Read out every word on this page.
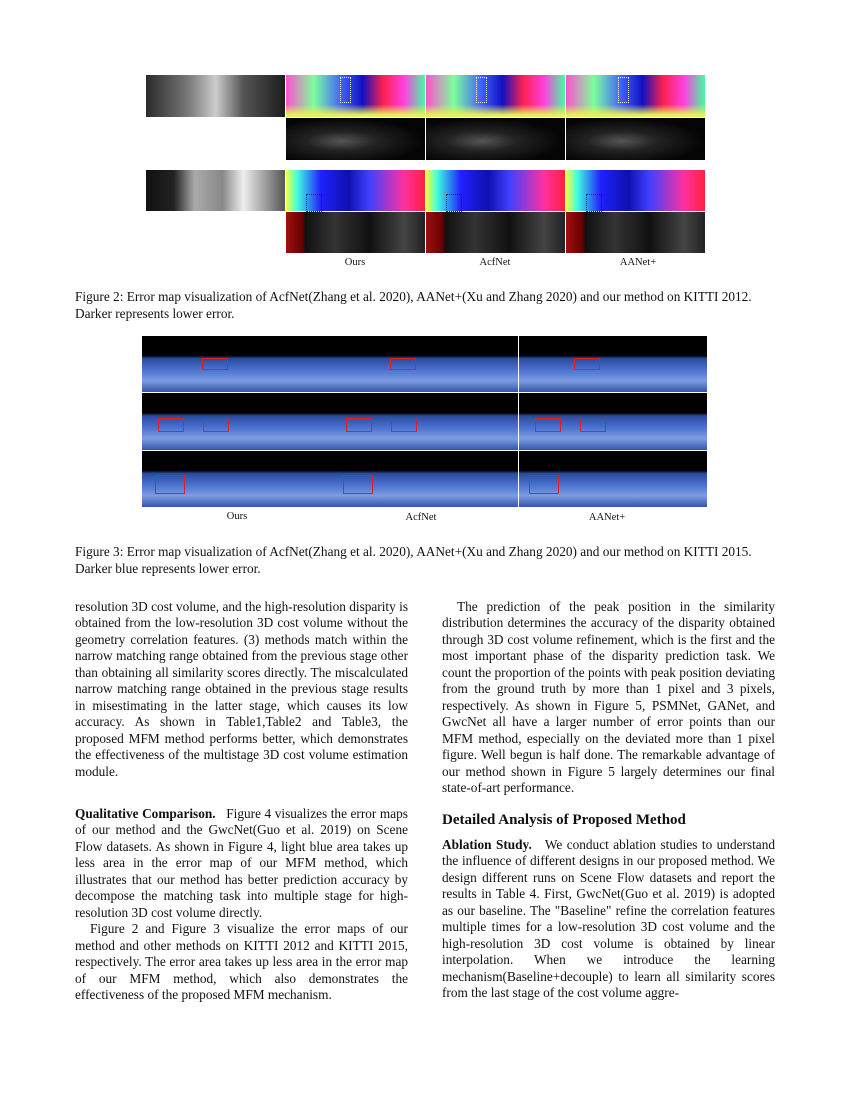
Ours	AcfNet	AANet+
Figure 2: Error map visualization of AcfNet(Zhang et al. 2020), AANet+(Xu and Zhang 2020) and our method on KITTI 2012. Darker represents lower error.
Ours	AcfNet	AANet+
Figure 3: Error map visualization of AcfNet(Zhang et al. 2020), AANet+(Xu and Zhang 2020) and our method on KITTI 2015. Darker blue represents lower error.

resolution 3D cost volume, and the high-resolution disparity is obtained from the low-resolution 3D cost volume without the geometry correlation features. (3) methods match within the narrow matching range obtained from the previous stage other than obtaining all similarity scores directly. The miscalculated narrow matching range obtained in the previous stage results in misestimating in the latter stage, which causes its low accuracy. As shown in Table1,Table2 and Table3, the proposed MFM method performs better, which demonstrates the effectiveness of the multistage 3D cost volume estimation module.

Qualitative Comparison. Figure 4 visualizes the error maps of our method and the GwcNet(Guo et al. 2019) on Scene Flow datasets. As shown in Figure 4, light blue area takes up less area in the error map of our MFM method, which illustrates that our method has better prediction accuracy by decompose the matching task into multiple stage for high-resolution 3D cost volume directly.

Figure 2 and Figure 3 visualize the error maps of our method and other methods on KITTI 2012 and KITTI 2015, respectively. The error area takes up less area in the error map of our MFM method, which also demonstrates the effectiveness of the proposed MFM mechanism.

The prediction of the peak position in the similarity distribution determines the accuracy of the disparity obtained through 3D cost volume refinement, which is the first and the most important phase of the disparity prediction task. We count the proportion of the points with peak position deviating from the ground truth by more than 1 pixel and 3 pixels, respectively. As shown in Figure 5, PSMNet, GANet, and GwcNet all have a larger number of error points than our MFM method, especially on the deviated more than 1 pixel figure. Well begun is half done. The remarkable advantage of our method shown in Figure 5 largely determines our final state-of-art performance.

Detailed Analysis of Proposed Method

Ablation Study. We conduct ablation studies to understand the influence of different designs in our proposed method. We design different runs on Scene Flow datasets and report the results in Table 4. First, GwcNet(Guo et al. 2019) is adopted as our baseline. The "Baseline" refine the correlation features multiple times for a low-resolution 3D cost volume and the high-resolution 3D cost volume is obtained by linear interpolation. When we introduce the learning mechanism(Baseline+decouple) to learn all similarity scores from the last stage of the cost volume aggre-
